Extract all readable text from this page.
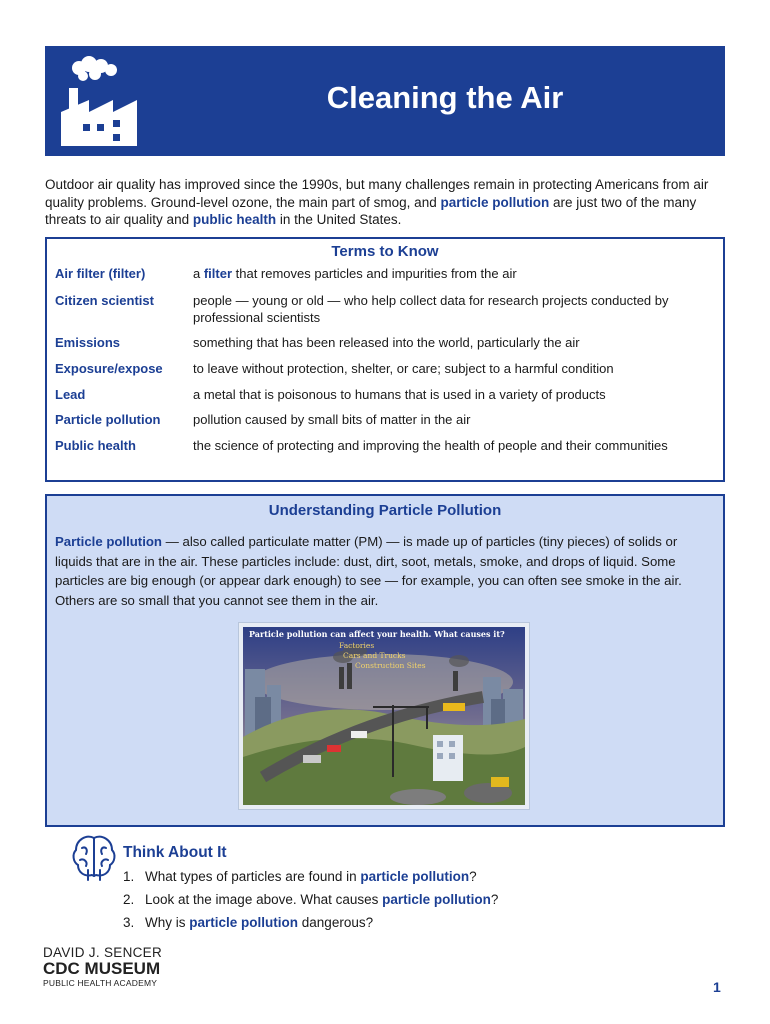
Cleaning the Air

Outdoor air quality has improved since the 1990s, but many challenges remain in protecting Americans from air quality problems. Ground-level ozone, the main part of smog, and particle pollution are just two of the many threats to air quality and public health in the United States.

Terms to Know
Air filter (filter)	a filter that removes particles and impurities from the air
Citizen scientist	people — young or old — who help collect data for research projects conducted by professional scientists
Emissions	something that has been released into the world, particularly the air
Exposure/expose	to leave without protection, shelter, or care; subject to a harmful condition
Lead	a metal that is poisonous to humans that is used in a variety of products
Particle pollution	pollution caused by small bits of matter in the air
Public health	the science of protecting and improving the health of people and their communities
Understanding Particle Pollution

Particle pollution — also called particulate matter (PM) — is made up of particles (tiny pieces) of solids or liquids that are in the air. These particles include: dust, dirt, soot, metals, smoke, and drops of liquid. Some particles are big enough (or appear dark enough) to see — for example, you can often see smoke in the air. Others are so small that you cannot see them in the air.

Particle pollution can affect your health. What causes it?
Factories
Cars and Trucks
Construction Sites
Think About It
1. What types of particles are found in particle pollution?
2. Look at the image above. What causes particle pollution?
3. Why is particle pollution dangerous?
DAVID J. SENCER
CDC MUSEUM
PUBLIC HEALTH ACADEMY	1
